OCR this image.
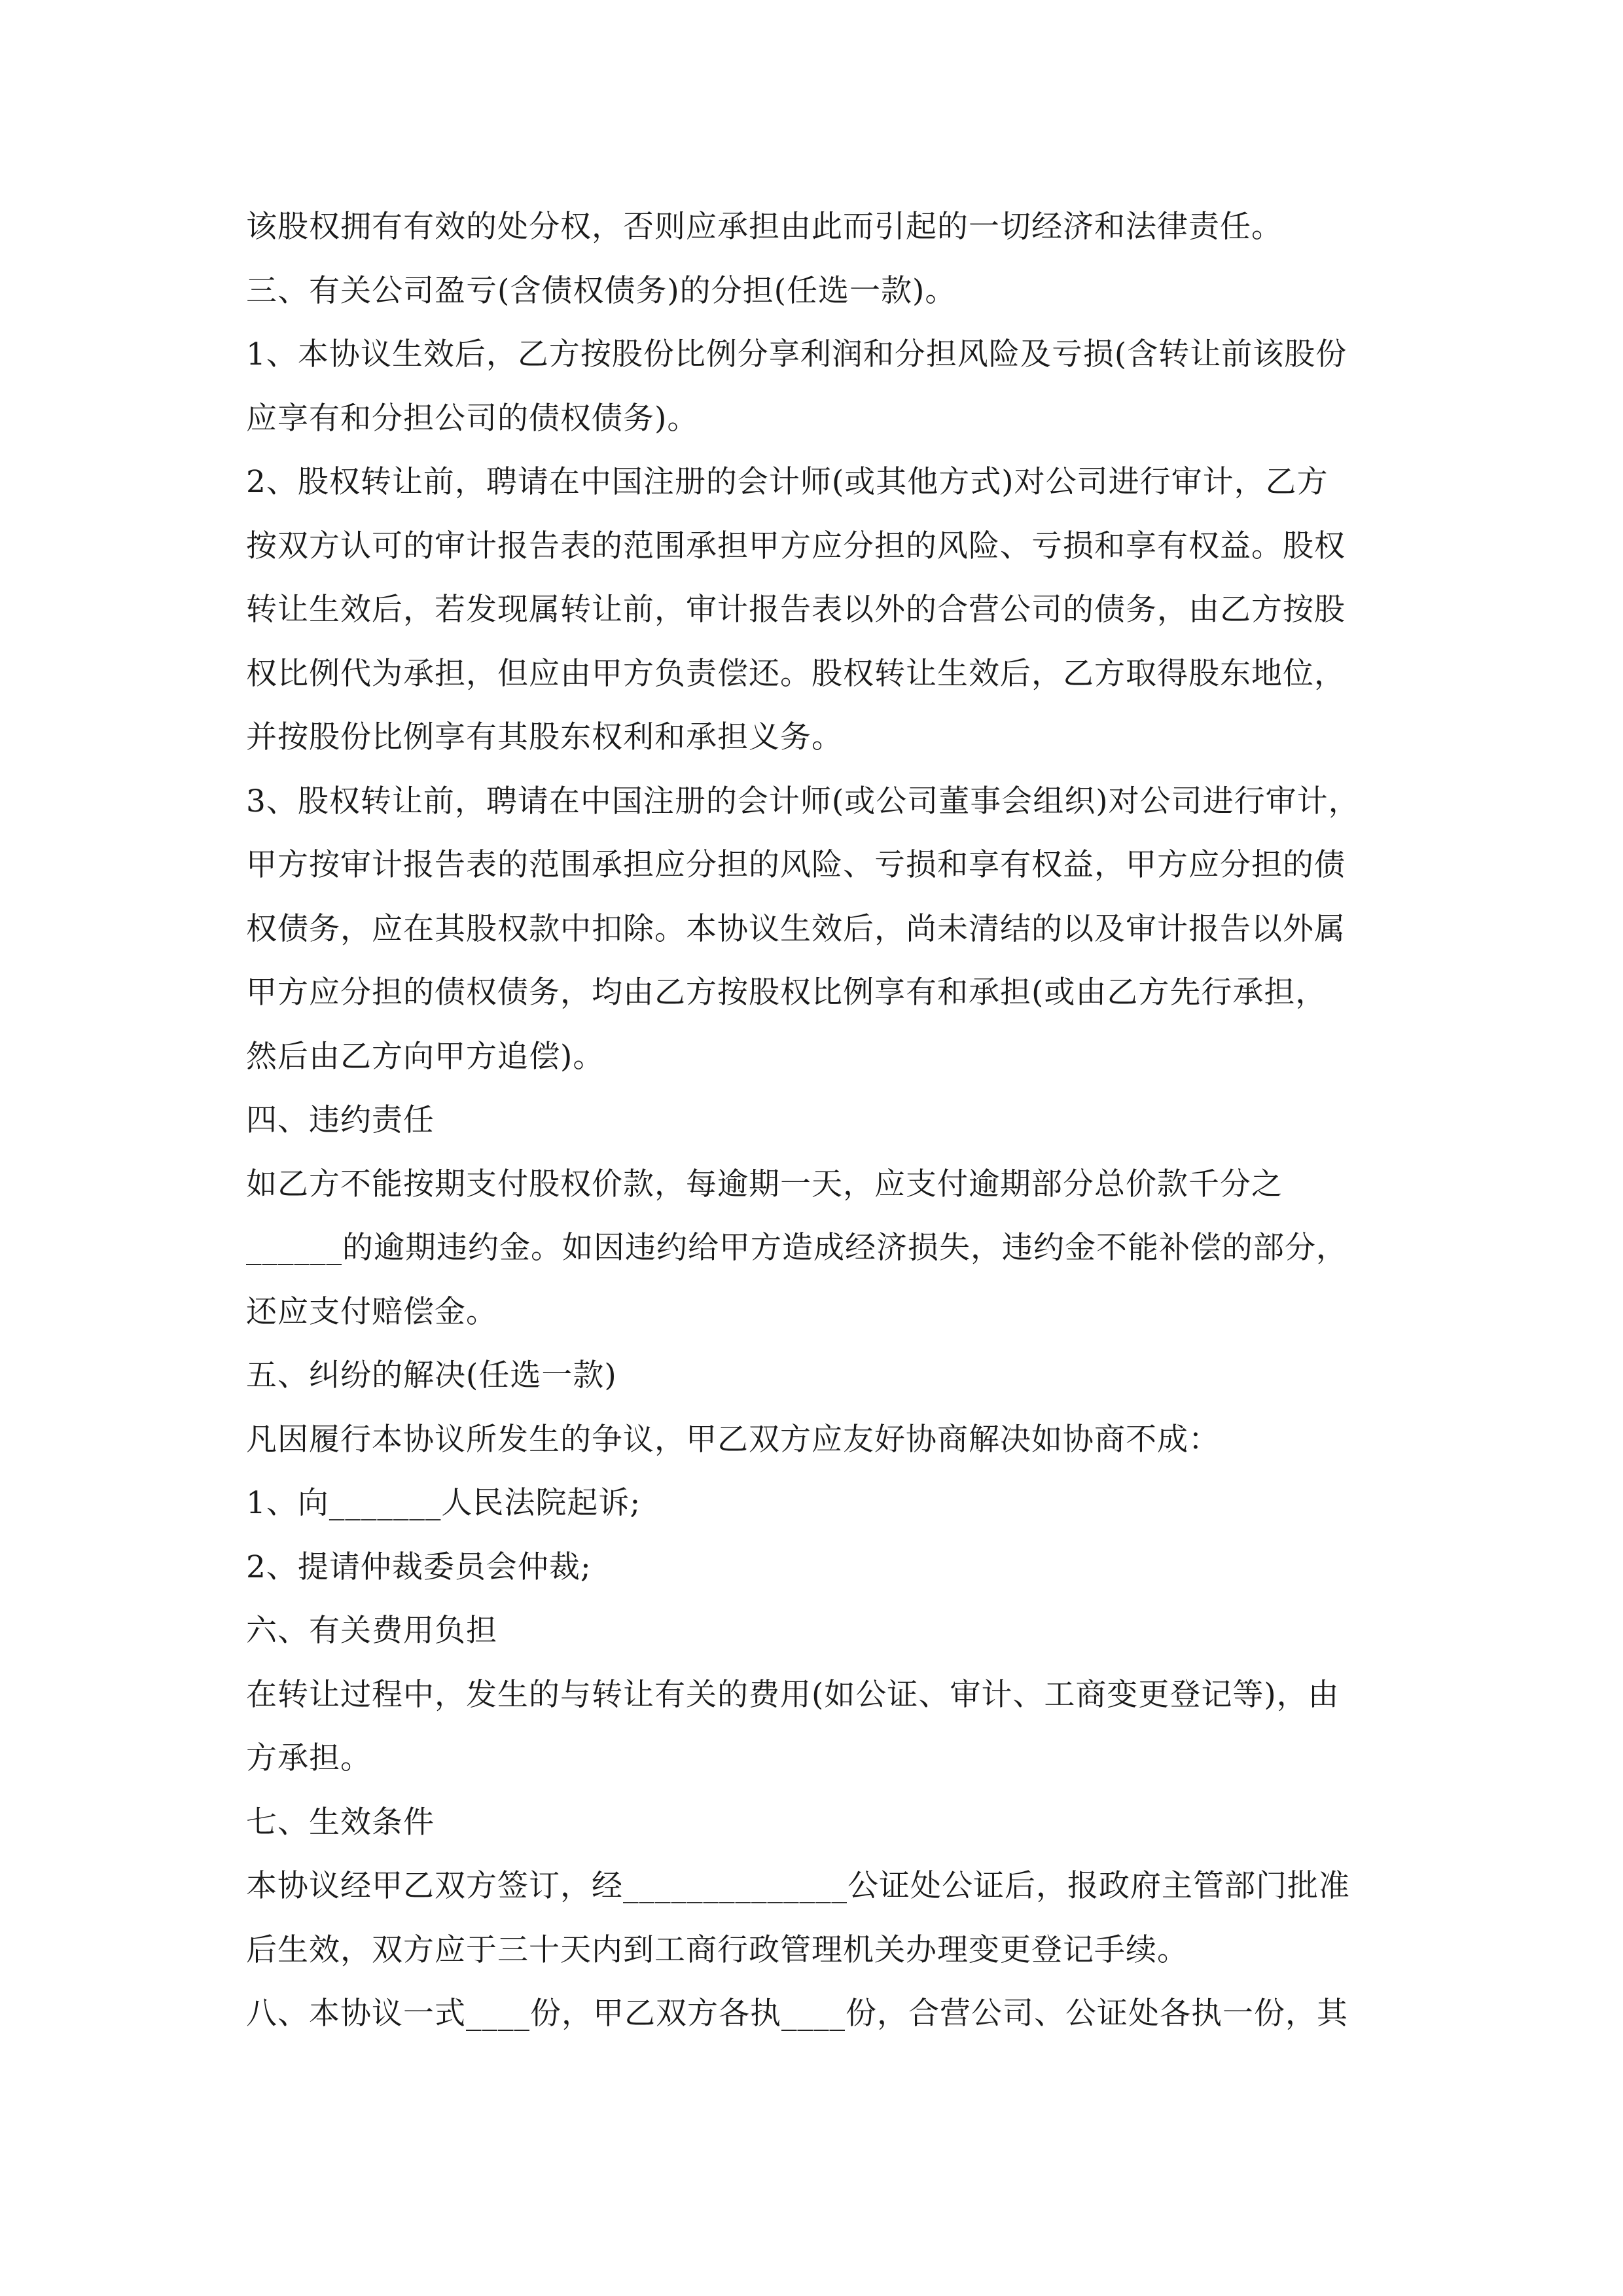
该股权拥有有效的处分权，否则应承担由此而引起的一切经济和法律责任。
三、有关公司盈亏(含债权债务)的分担(任选一款)。
1、本协议生效后，乙方按股份比例分享利润和分担风险及亏损(含转让前该股份
应享有和分担公司的债权债务)。
2、股权转让前，聘请在中国注册的会计师(或其他方式)对公司进行审计，乙方
按双方认可的审计报告表的范围承担甲方应分担的风险、亏损和享有权益。股权
转让生效后，若发现属转让前，审计报告表以外的合营公司的债务，由乙方按股
权比例代为承担，但应由甲方负责偿还。股权转让生效后，乙方取得股东地位，
并按股份比例享有其股东权利和承担义务。
3、股权转让前，聘请在中国注册的会计师(或公司董事会组织)对公司进行审计，
甲方按审计报告表的范围承担应分担的风险、亏损和享有权益，甲方应分担的债
权债务，应在其股权款中扣除。本协议生效后，尚未清结的以及审计报告以外属
甲方应分担的债权债务，均由乙方按股权比例享有和承担(或由乙方先行承担，
然后由乙方向甲方追偿)。
四、违约责任
如乙方不能按期支付股权价款，每逾期一天，应支付逾期部分总价款千分之
______的逾期违约金。如因违约给甲方造成经济损失，违约金不能补偿的部分，
还应支付赔偿金。
五、纠纷的解决(任选一款)
凡因履行本协议所发生的争议，甲乙双方应友好协商解决如协商不成：
1、向_______人民法院起诉;
2、提请仲裁委员会仲裁;
六、有关费用负担
在转让过程中，发生的与转让有关的费用(如公证、审计、工商变更登记等)，由
方承担。
七、生效条件
本协议经甲乙双方签订，经______________公证处公证后，报政府主管部门批准
后生效，双方应于三十天内到工商行政管理机关办理变更登记手续。
八、本协议一式____份，甲乙双方各执____份，合营公司、公证处各执一份，其
